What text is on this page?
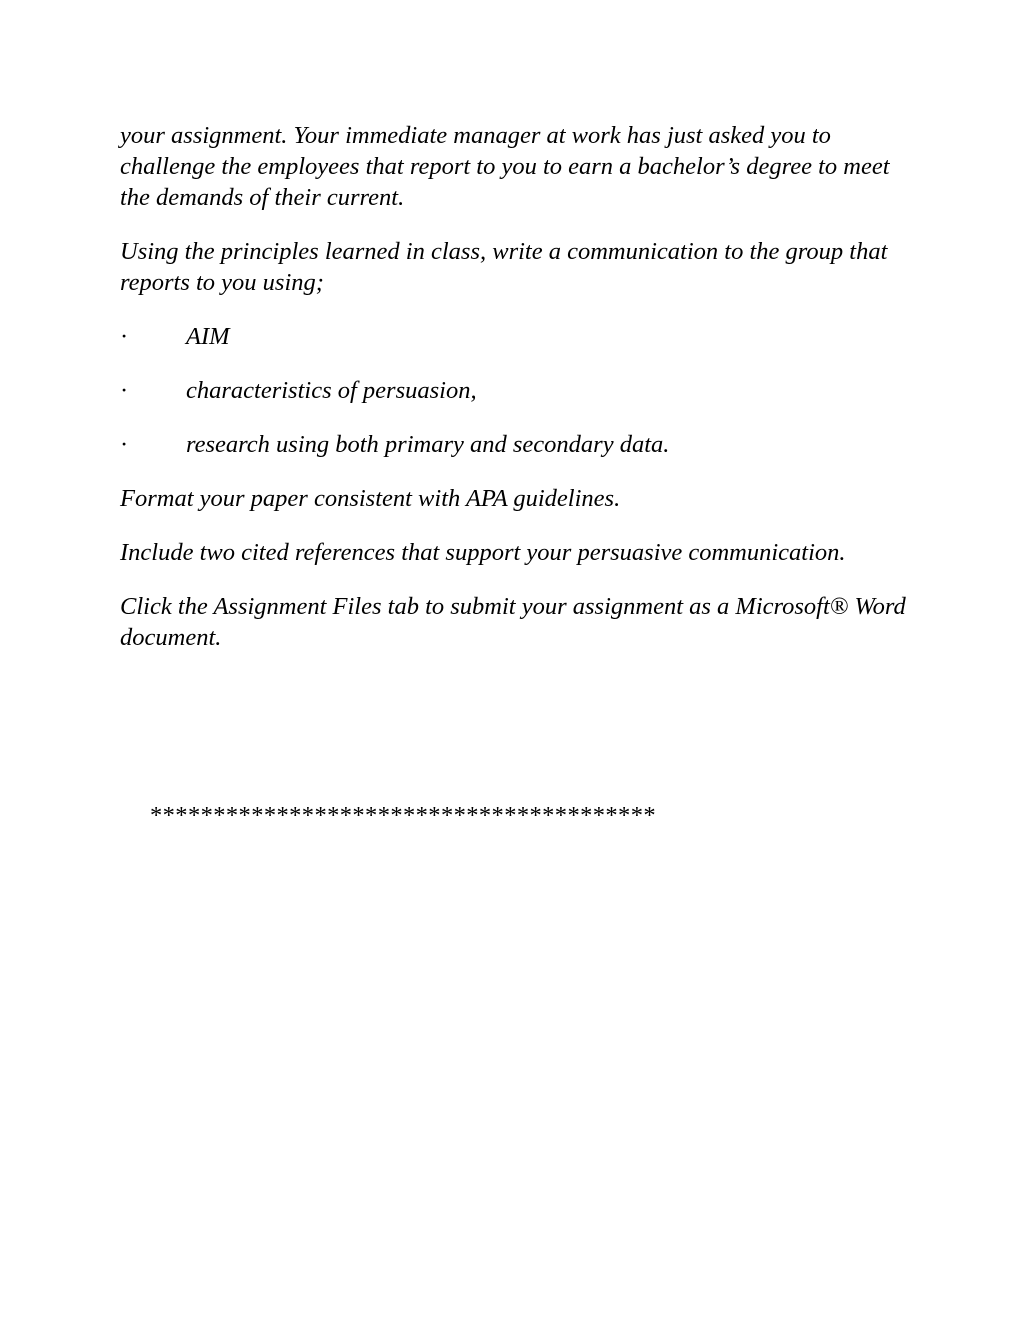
your assignment. Your immediate manager at work has just asked you to challenge the employees that report to you to earn a bachelor’s degree to meet the demands of their current.

Using the principles learned in class, write a communication to the group that reports to you using;

·	AIM
·	characteristics of persuasion,
·	research using both primary and secondary data.

Format your paper consistent with APA guidelines.

Include two cited references that support your persuasive communication.

Click the Assignment Files tab to submit your assignment as a Microsoft® Word document.

****************************************
